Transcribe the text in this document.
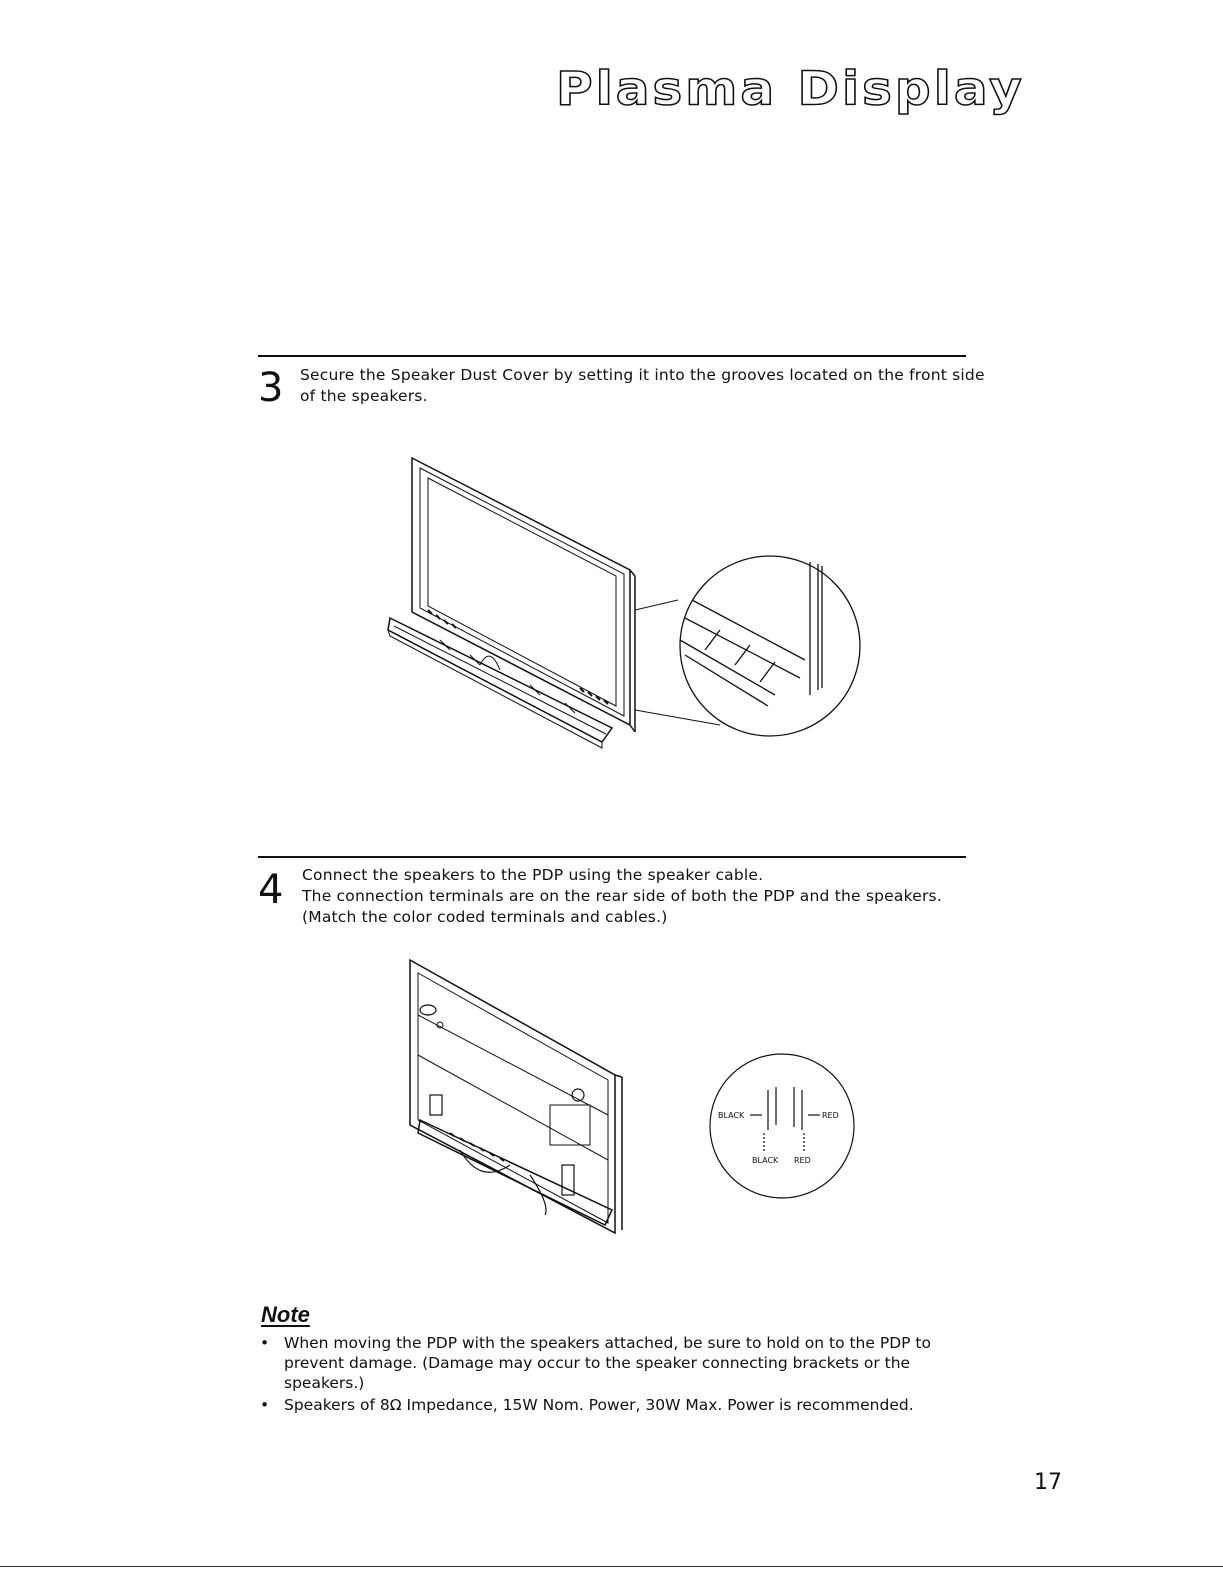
Plasma Display
3 Secure the Speaker Dust Cover by setting it into the grooves located on the front side
of the speakers.
4 Connect the speakers to the PDP using the speaker cable.
The connection terminals are on the rear side of both the PDP and the speakers.
(Match the color coded terminals and cables.)
BLACK	RED
BLACK RED
Note
• When moving the PDP with the speakers attached, be sure to hold on to the PDP to prevent damage. (Damage may occur to the speaker connecting brackets or the speakers.)
• Speakers of 8Ω Impedance, 15W Nom. Power, 30W Max. Power is recommended.
17
